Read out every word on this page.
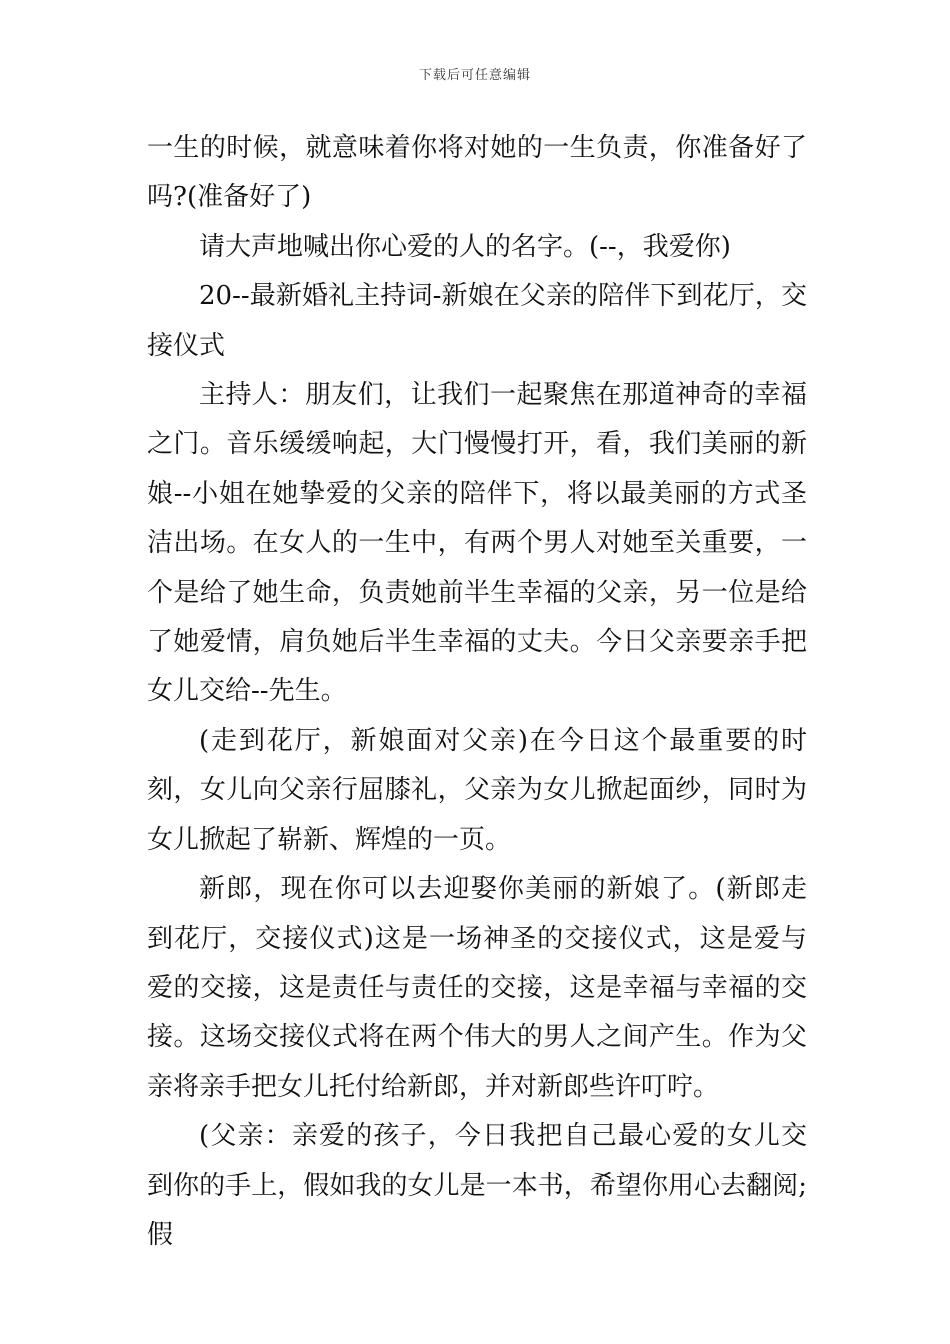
下载后可任意编辑

一生的时候，就意味着你将对她的一生负责，你准备好了吗?(准备好了)

请大声地喊出你心爱的人的名字。(--，我爱你)

20--最新婚礼主持词-新娘在父亲的陪伴下到花厅，交接仪式

主持人：朋友们，让我们一起聚焦在那道神奇的幸福之门。音乐缓缓响起，大门慢慢打开，看，我们美丽的新娘--小姐在她挚爱的父亲的陪伴下，将以最美丽的方式圣洁出场。在女人的一生中，有两个男人对她至关重要，一个是给了她生命，负责她前半生幸福的父亲，另一位是给了她爱情，肩负她后半生幸福的丈夫。今日父亲要亲手把女儿交给--先生。

(走到花厅，新娘面对父亲)在今日这个最重要的时刻，女儿向父亲行屈膝礼，父亲为女儿掀起面纱，同时为女儿掀起了崭新、辉煌的一页。

新郎，现在你可以去迎娶你美丽的新娘了。(新郎走到花厅，交接仪式)这是一场神圣的交接仪式，这是爱与爱的交接，这是责任与责任的交接，这是幸福与幸福的交接。这场交接仪式将在两个伟大的男人之间产生。作为父亲将亲手把女儿托付给新郎，并对新郎些许叮咛。

(父亲：亲爱的孩子，今日我把自己最心爱的女儿交到你的手上，假如我的女儿是一本书，希望你用心去翻阅;假
